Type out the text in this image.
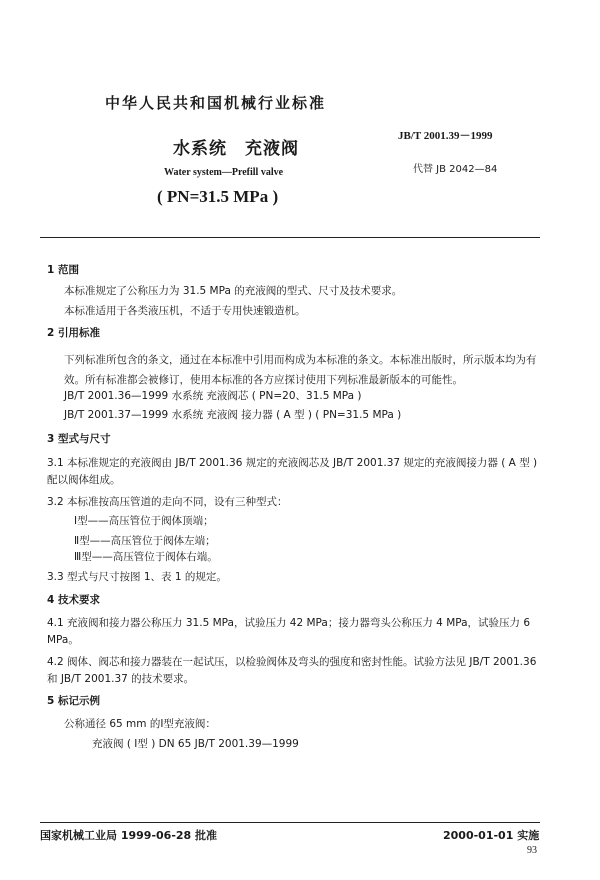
中华人民共和国机械行业标准
水系统 充液阀
Water system—Prefill valve
( PN=31.5 MPa )
JB/T 2001.39－1999
代替 JB 2042—84
1 范围
本标准规定了公称压力为 31.5 MPa 的充液阀的型式、尺寸及技术要求。
本标准适用于各类液压机，不适于专用快速锻造机。
2 引用标准
下列标准所包含的条文，通过在本标准中引用而构成为本标准的条文。本标准出版时，所示版本均为有效。所有标准都会被修订，使用本标准的各方应探讨使用下列标准最新版本的可能性。
JB/T 2001.36—1999 水系统 充液阀芯 ( PN=20、31.5 MPa )
JB/T 2001.37—1999 水系统 充液阀 接力器 ( A 型 ) ( PN=31.5 MPa )
3 型式与尺寸
3.1 本标准规定的充液阀由 JB/T 2001.36 规定的充液阀芯及 JB/T 2001.37 规定的充液阀接力器 ( A 型 ) 配以阀体组成。
3.2 本标准按高压管道的走向不同，设有三种型式：
Ⅰ型——高压管位于阀体顶端；
Ⅱ型——高压管位于阀体左端；
Ⅲ型——高压管位于阀体右端。
3.3 型式与尺寸按图 1、表 1 的规定。
4 技术要求
4.1 充液阀和接力器公称压力 31.5 MPa，试验压力 42 MPa；接力器弯头公称压力 4 MPa，试验压力 6 MPa。
4.2 阀体、阀芯和接力器装在一起试压，以检验阀体及弯头的强度和密封性能。试验方法见 JB/T 2001.36 和 JB/T 2001.37 的技术要求。
5 标记示例
公称通径 65 mm 的Ⅰ型充液阀：
充液阀 ( Ⅰ型 ) DN 65 JB/T 2001.39—1999
国家机械工业局 1999-06-28 批准	2000-01-01 实施
93
